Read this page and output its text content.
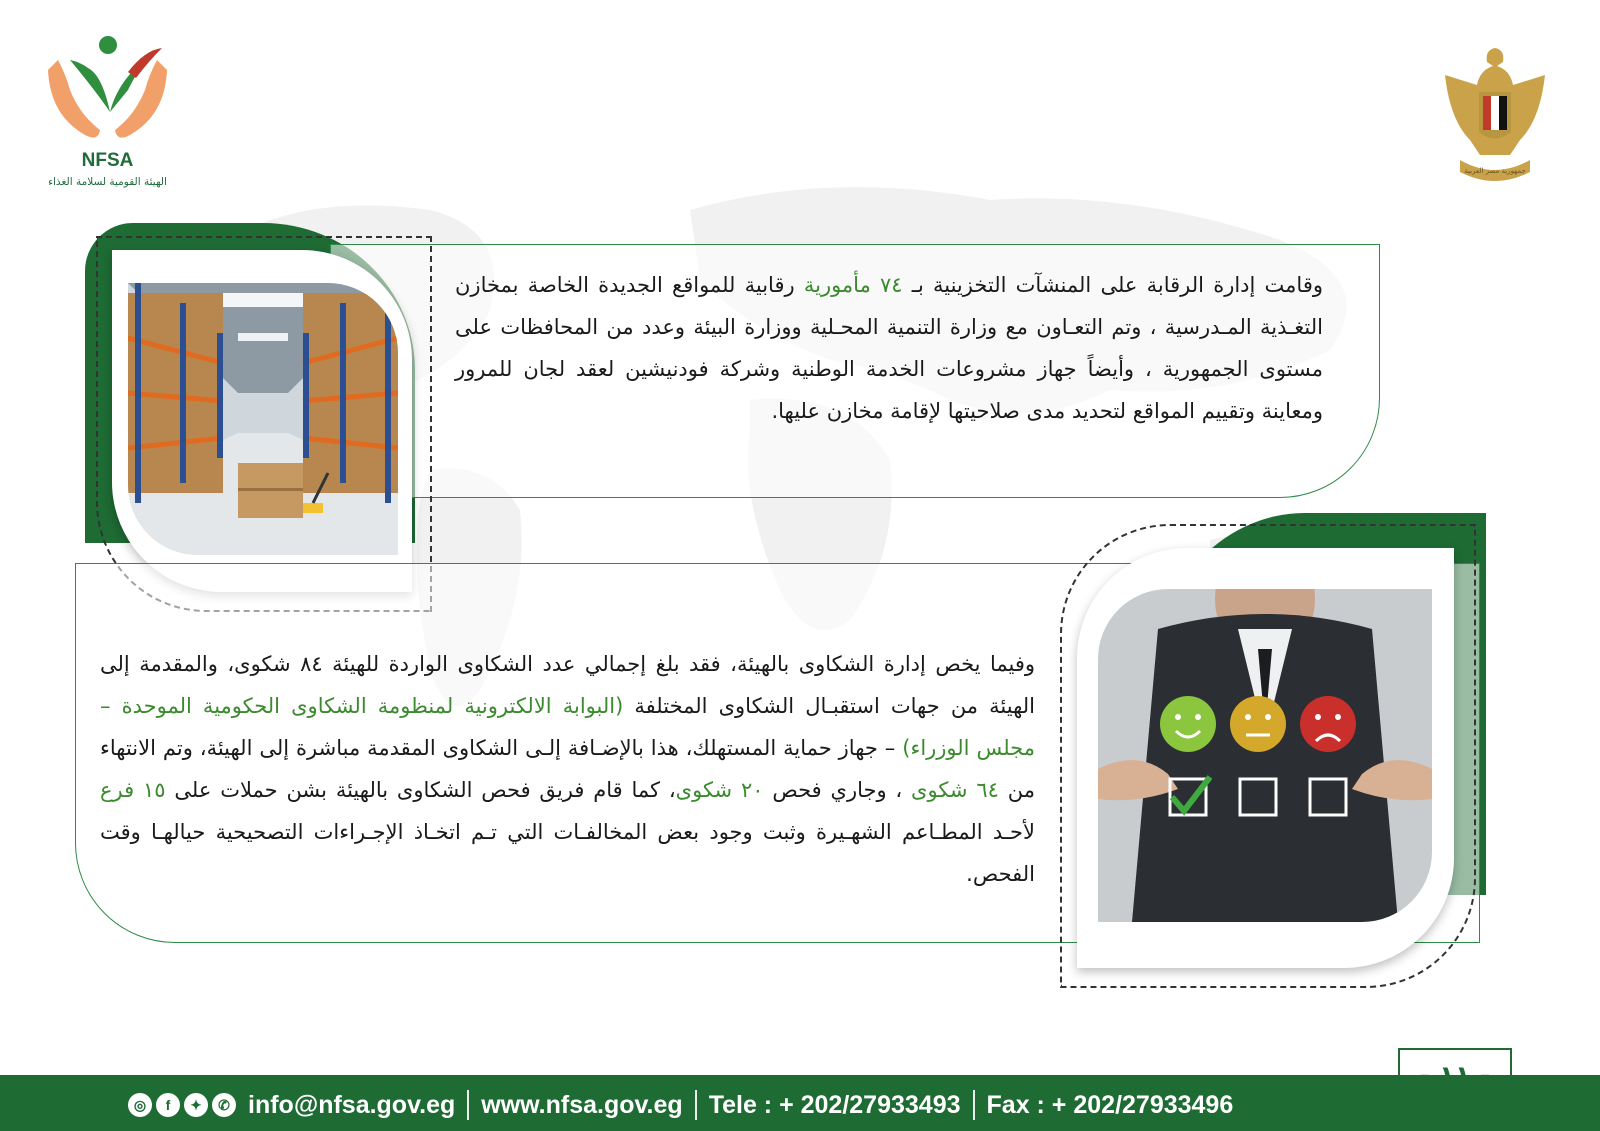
NFSA
الهيئة القومية لسلامة الغذاء
جمهورية مصر العربية
وقامت إدارة الرقابة على المنشآت التخزينية بـ ٧٤ مأمورية رقابية للمواقع الجديدة الخاصة بمخازن التغـذية المـدرسية ، وتم التعـاون مع وزارة التنمية المحـلية ووزارة البيئة وعدد من المحافظات على مستوى الجمهورية ، وأيضاً جهاز مشروعات الخدمة الوطنية وشركة فودنيشين لعقد لجان للمرور ومعاينة وتقييم المواقع لتحديد مدى صلاحيتها لإقامة مخازن عليها.
وفيما يخص إدارة الشكاوى بالهيئة، فقد بلغ إجمالي عدد الشكاوى الواردة للهيئة ٨٤ شكوى، والمقدمة إلى الهيئة من جهات استقبـال الشكاوى المختلفة (البوابة الالكترونية لمنظومة الشكاوى الحكومية الموحدة – مجلس الوزراء) – جهاز حماية المستهلك، هذا بالإضـافة إلـى الشكاوى المقدمة مباشرة إلى الهيئة، وتم الانتهاء من ٦٤ شكوى ، وجاري فحص ٢٠ شكوى، كما قام فريق فحص الشكاوى بالهيئة بشن حملات على ١٥ فرع لأحـد المطـاعم الشهـيرة وثبت وجود بعض المخالفـات التي تـم اتخـاذ الإجـراءات التصحيحية حيالهـا وقت الفحص.
◎	f	✦	✆ info@nfsa.gov.eg www.nfsa.gov.eg Tele : + 202/27933493 Fax : + 202/27933496
